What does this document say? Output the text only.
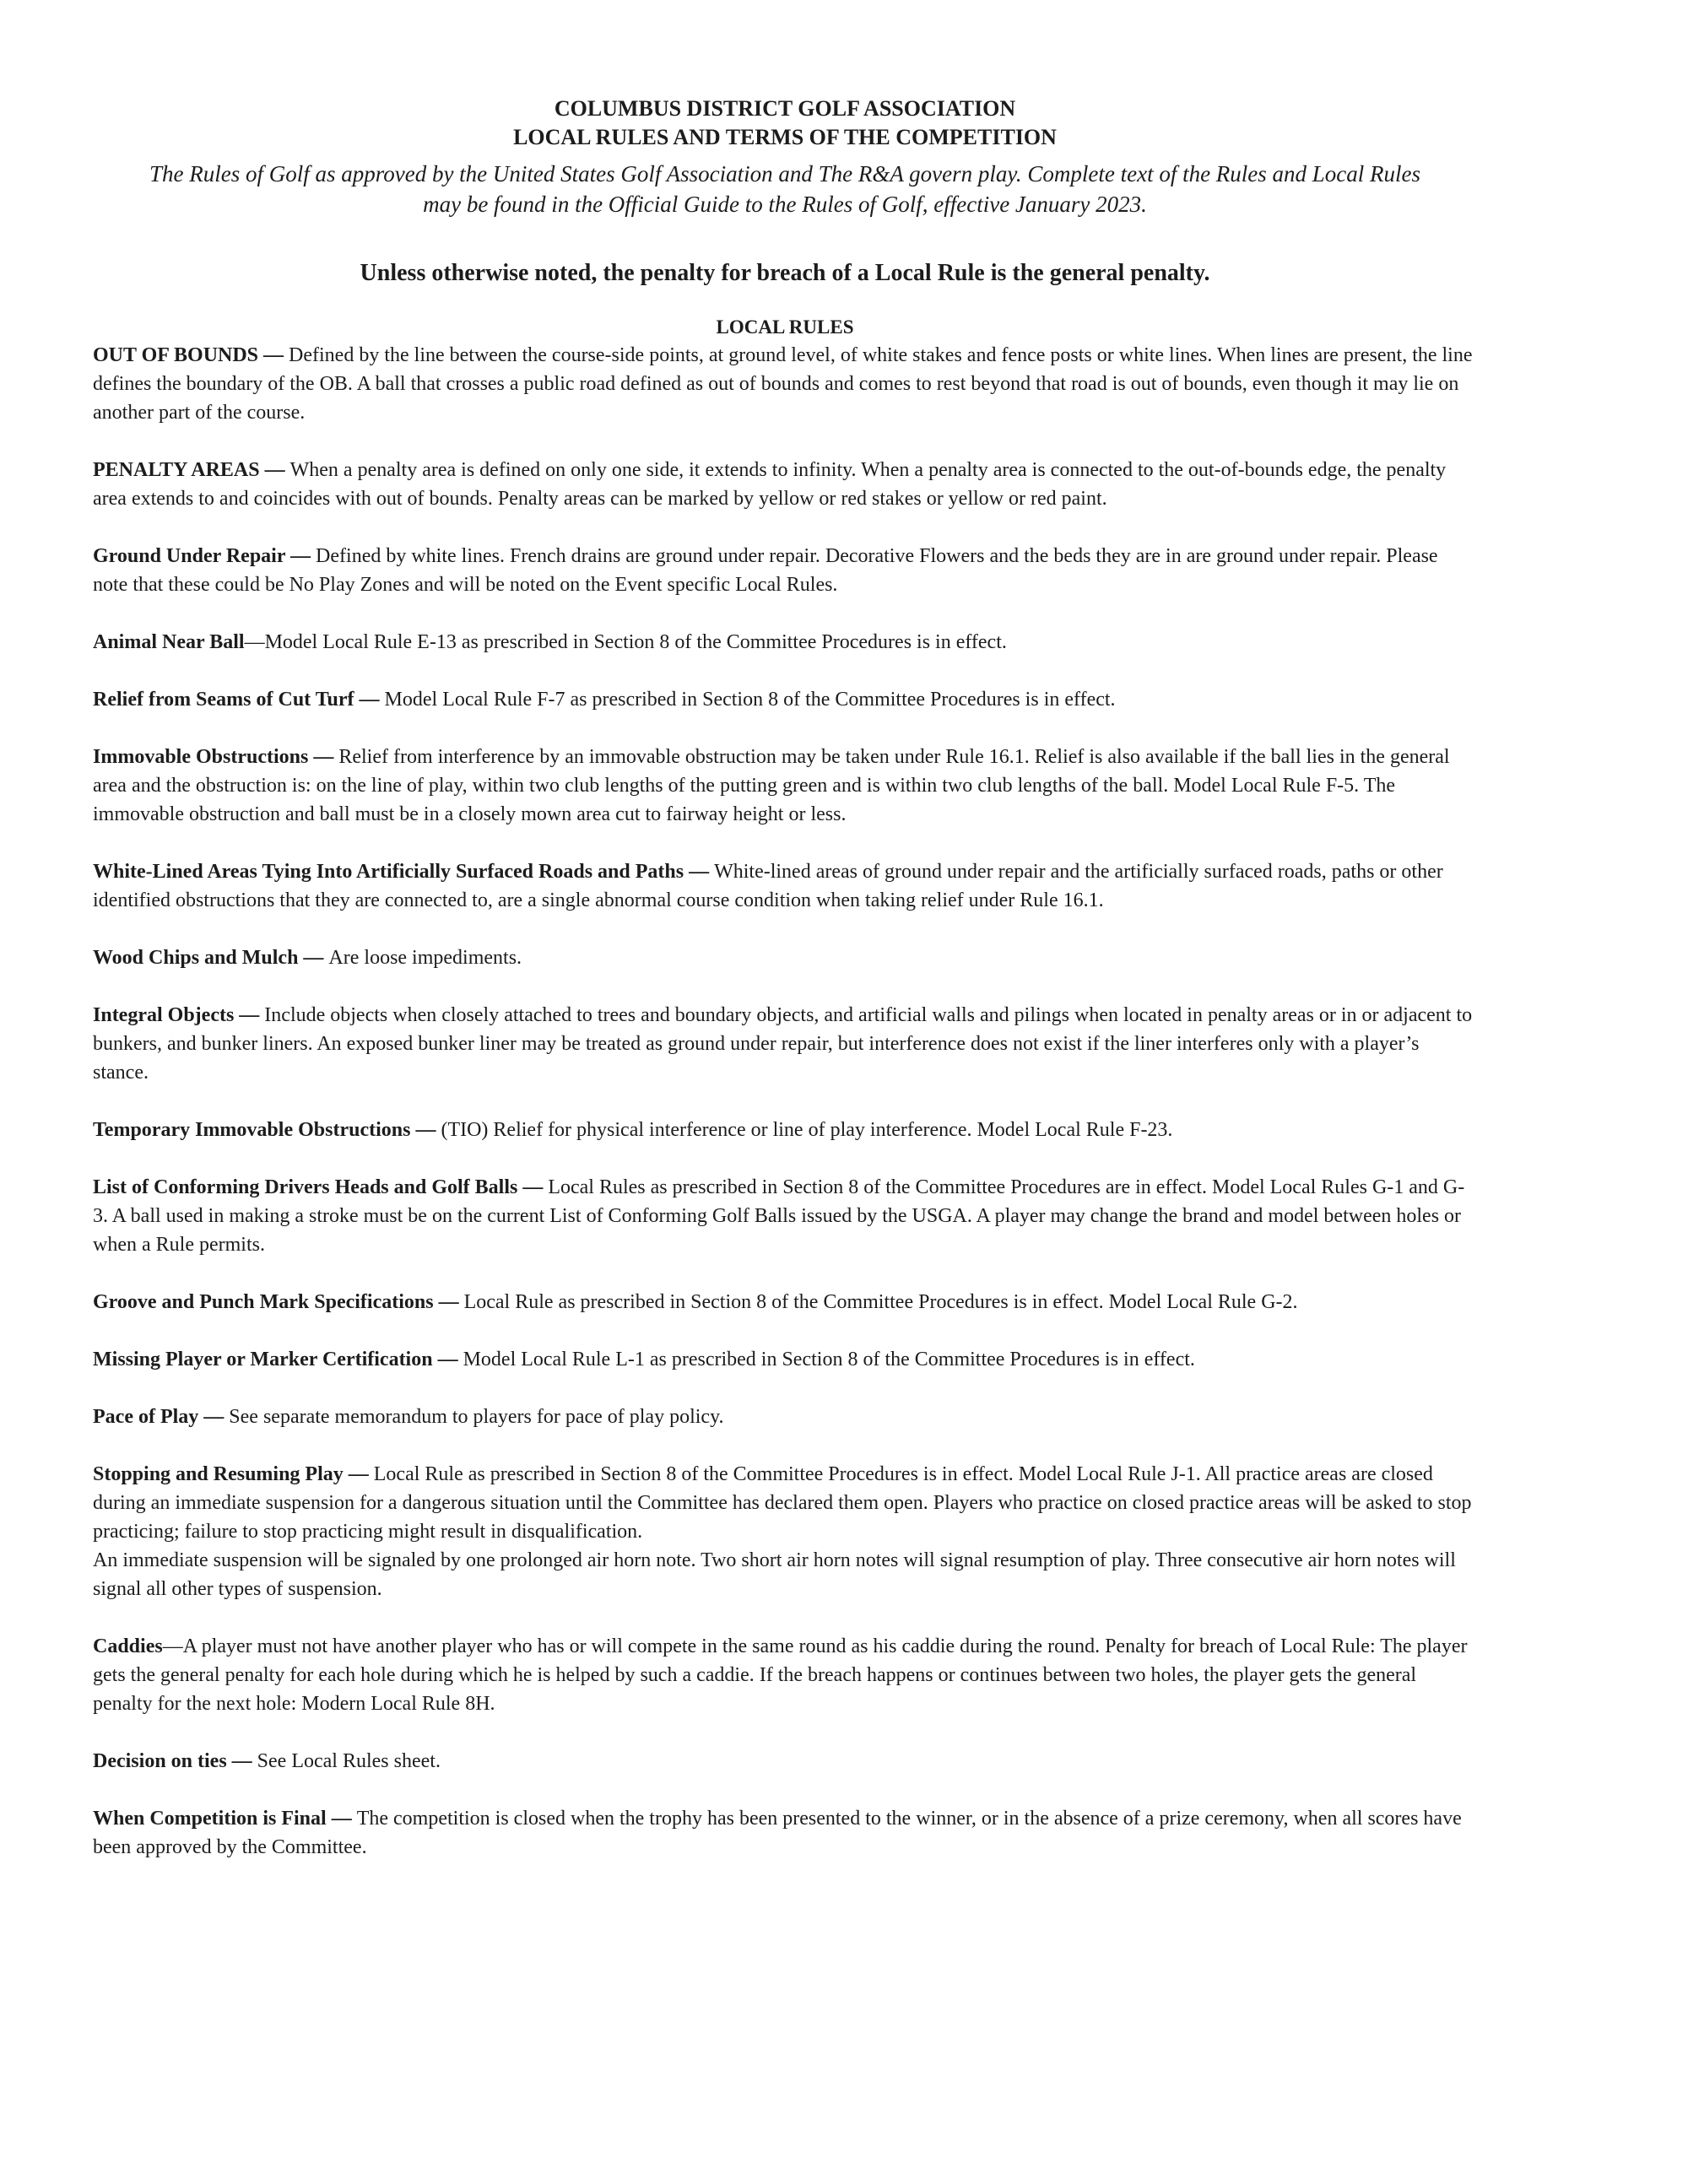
COLUMBUS DISTRICT GOLF ASSOCIATION
LOCAL RULES AND TERMS OF THE COMPETITION

The Rules of Golf as approved by the United States Golf Association and The R&A govern play. Complete text of the Rules and Local Rules may be found in the Official Guide to the Rules of Golf, effective January 2023.

Unless otherwise noted, the penalty for breach of a Local Rule is the general penalty.

LOCAL RULES

OUT OF BOUNDS — Defined by the line between the course-side points, at ground level, of white stakes and fence posts or white lines. When lines are present, the line defines the boundary of the OB. A ball that crosses a public road defined as out of bounds and comes to rest beyond that road is out of bounds, even though it may lie on another part of the course.

PENALTY AREAS — When a penalty area is defined on only one side, it extends to infinity. When a penalty area is connected to the out-of-bounds edge, the penalty area extends to and coincides with out of bounds. Penalty areas can be marked by yellow or red stakes or yellow or red paint.

Ground Under Repair — Defined by white lines. French drains are ground under repair. Decorative Flowers and the beds they are in are ground under repair. Please note that these could be No Play Zones and will be noted on the Event specific Local Rules.

Animal Near Ball—Model Local Rule E-13 as prescribed in Section 8 of the Committee Procedures is in effect.

Relief from Seams of Cut Turf — Model Local Rule F-7 as prescribed in Section 8 of the Committee Procedures is in effect.

Immovable Obstructions — Relief from interference by an immovable obstruction may be taken under Rule 16.1. Relief is also available if the ball lies in the general area and the obstruction is: on the line of play, within two club lengths of the putting green and is within two club lengths of the ball. Model Local Rule F-5. The immovable obstruction and ball must be in a closely mown area cut to fairway height or less.

White-Lined Areas Tying Into Artificially Surfaced Roads and Paths — White-lined areas of ground under repair and the artificially surfaced roads, paths or other identified obstructions that they are connected to, are a single abnormal course condition when taking relief under Rule 16.1.

Wood Chips and Mulch — Are loose impediments.

Integral Objects — Include objects when closely attached to trees and boundary objects, and artificial walls and pilings when located in penalty areas or in or adjacent to bunkers, and bunker liners. An exposed bunker liner may be treated as ground under repair, but interference does not exist if the liner interferes only with a player’s stance.

Temporary Immovable Obstructions — (TIO) Relief for physical interference or line of play interference. Model Local Rule F-23.

List of Conforming Drivers Heads and Golf Balls — Local Rules as prescribed in Section 8 of the Committee Procedures are in effect. Model Local Rules G-1 and G-3. A ball used in making a stroke must be on the current List of Conforming Golf Balls issued by the USGA. A player may change the brand and model between holes or when a Rule permits.

Groove and Punch Mark Specifications — Local Rule as prescribed in Section 8 of the Committee Procedures is in effect. Model Local Rule G-2.

Missing Player or Marker Certification — Model Local Rule L-1 as prescribed in Section 8 of the Committee Procedures is in effect.

Pace of Play — See separate memorandum to players for pace of play policy.

Stopping and Resuming Play — Local Rule as prescribed in Section 8 of the Committee Procedures is in effect. Model Local Rule J-1. All practice areas are closed during an immediate suspension for a dangerous situation until the Committee has declared them open. Players who practice on closed practice areas will be asked to stop practicing; failure to stop practicing might result in disqualification.
An immediate suspension will be signaled by one prolonged air horn note. Two short air horn notes will signal resumption of play. Three consecutive air horn notes will signal all other types of suspension.

Caddies—A player must not have another player who has or will compete in the same round as his caddie during the round. Penalty for breach of Local Rule: The player gets the general penalty for each hole during which he is helped by such a caddie. If the breach happens or continues between two holes, the player gets the general penalty for the next hole: Modern Local Rule 8H.

Decision on ties — See Local Rules sheet.

When Competition is Final — The competition is closed when the trophy has been presented to the winner, or in the absence of a prize ceremony, when all scores have been approved by the Committee.
